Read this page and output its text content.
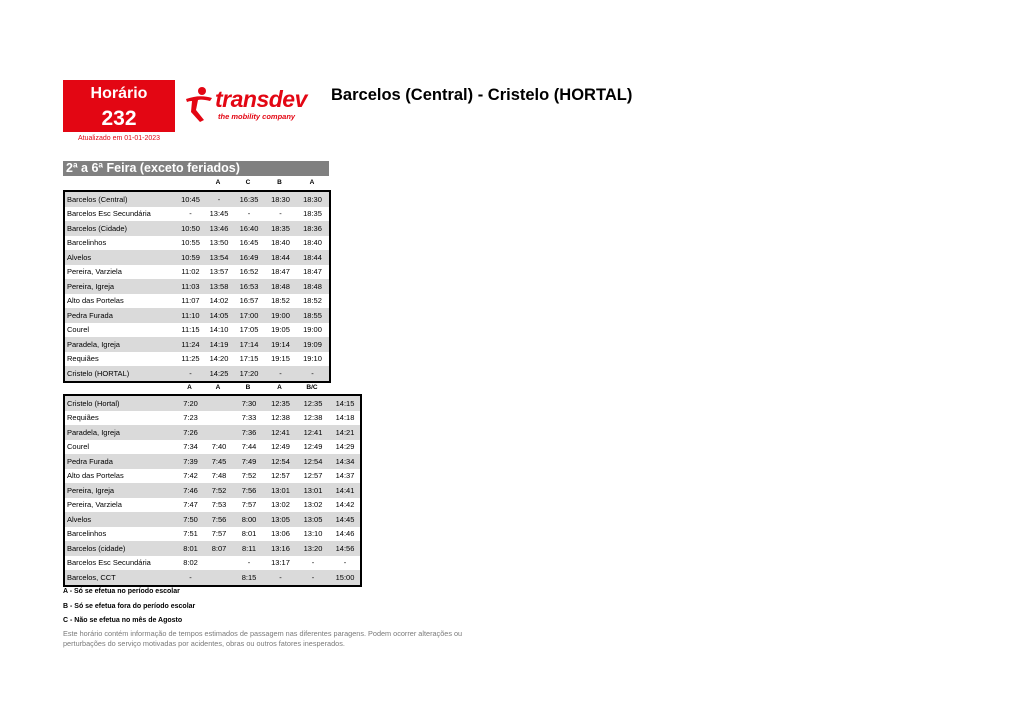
Horário
232
Atualizado em 01-01-2023
transdev
the mobility company
Barcelos (Central) - Cristelo (HORTAL)
2ª a 6ª Feira (exceto feriados)
A	C	B	A
Barcelos (Central)	10:45	-	16:35	18:30	18:30
Barcelos Esc Secundária	-	13:45	-	-	18:35
Barcelos (Cidade)	10:50	13:46	16:40	18:35	18:36
Barcelinhos	10:55	13:50	16:45	18:40	18:40
Alvelos	10:59	13:54	16:49	18:44	18:44
Pereira, Varziela	11:02	13:57	16:52	18:47	18:47
Pereira, Igreja	11:03	13:58	16:53	18:48	18:48
Alto das Portelas	11:07	14:02	16:57	18:52	18:52
Pedra Furada	11:10	14:05	17:00	19:00	18:55
Courel	11:15	14:10	17:05	19:05	19:00
Paradela, Igreja	11:24	14:19	17:14	19:14	19:09
Requiães	11:25	14:20	17:15	19:15	19:10
Cristelo (HORTAL)	-	14:25	17:20	-	-
A	A	B	A	B/C
Cristelo (Hortal)	7:20		7:30	12:35	12:35	14:15
Requiães	7:23		7:33	12:38	12:38	14:18
Paradela, Igreja	7:26		7:36	12:41	12:41	14:21
Courel	7:34	7:40	7:44	12:49	12:49	14:29
Pedra Furada	7:39	7:45	7:49	12:54	12:54	14:34
Alto das Portelas	7:42	7:48	7:52	12:57	12:57	14:37
Pereira, Igreja	7:46	7:52	7:56	13:01	13:01	14:41
Pereira, Varziela	7:47	7:53	7:57	13:02	13:02	14:42
Alvelos	7:50	7:56	8:00	13:05	13:05	14:45
Barcelinhos	7:51	7:57	8:01	13:06	13:10	14:46
Barcelos (cidade)	8:01	8:07	8:11	13:16	13:20	14:56
Barcelos Esc Secundária	8:02		-	13:17	-	-
Barcelos, CCT	-		8:15	-	-	15:00
A - Só se efetua no período escolar
B - Só se efetua fora do período escolar
C - Não se efetua no mês de Agosto
Este horário contém informação de tempos estimados de passagem nas diferentes paragens. Podem ocorrer alterações ou perturbações do serviço motivadas por acidentes, obras ou outros fatores inesperados.
